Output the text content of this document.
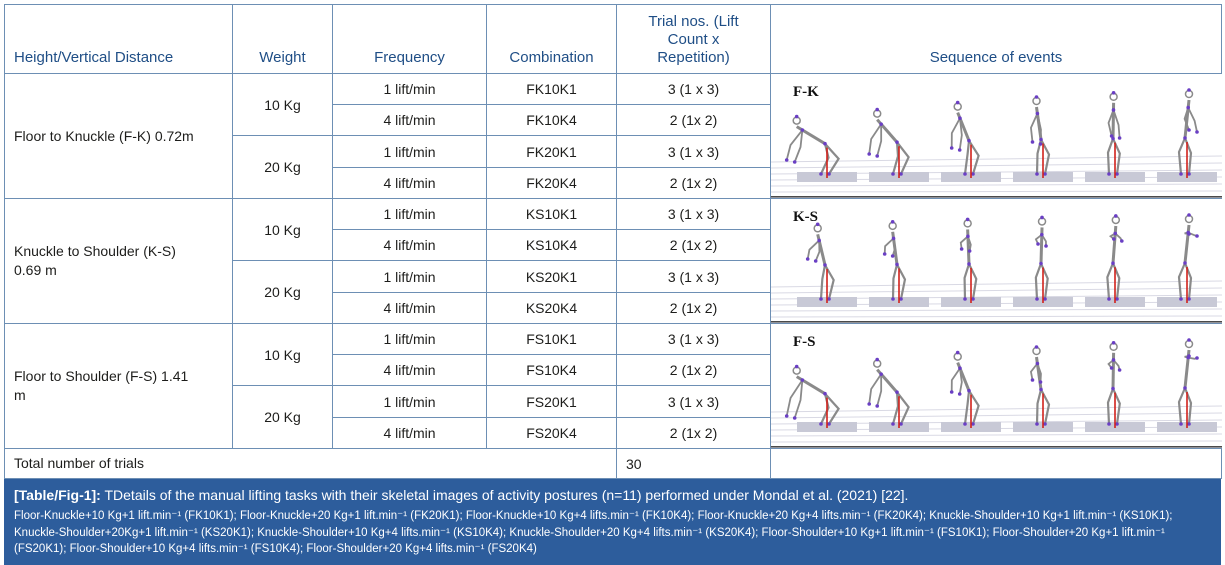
Height/Vertical Distance	Weight	Frequency	Combination	Trial nos. (Lift
Count x
Repetition)	Sequence of events

Floor to Knuckle (F-K) 0.72m	10 Kg	1 lift/min	FK10K1	3 (1 x 3)	F-K

		4 lift/min	FK10K4	2 (1x 2)	
	20 Kg	1 lift/min	FK20K1	3 (1 x 3)	
		4 lift/min	FK20K4	2 (1x 2)	

Knuckle to Shoulder (K-S)
0.69 m	10 Kg	1 lift/min	KS10K1	3 (1 x 3)	K-S

		4 lift/min	KS10K4	2 (1x 2)	
	20 Kg	1 lift/min	KS20K1	3 (1 x 3)	
		4 lift/min	KS20K4	2 (1x 2)	

Floor to Shoulder (F-S) 1.41
m	10 Kg	1 lift/min	FS10K1	3 (1 x 3)	F-S

		4 lift/min	FS10K4	2 (1x 2)	
	20 Kg	1 lift/min	FS20K1	3 (1 x 3)	
		4 lift/min	FS20K4	2 (1x 2)	
Total number of trials				30	
[Table/Fig-1]: TDetails of the manual lifting tasks with their skeletal images of activity postures (n=11) performed under Mondal et al. (2021) [22].
Floor-Knuckle+10 Kg+1 lift.min⁻¹ (FK10K1); Floor-Knuckle+20 Kg+1 lift.min⁻¹ (FK20K1); Floor-Knuckle+10 Kg+4 lifts.min⁻¹ (FK10K4); Floor-Knuckle+20 Kg+4 lifts.min⁻¹ (FK20K4); Knuckle-Shoulder+10 Kg+1 lift.min⁻¹ (KS10K1); Knuckle-Shoulder+20Kg+1 lift.min⁻¹ (KS20K1); Knuckle-Shoulder+10 Kg+4 lifts.min⁻¹ (KS10K4); Knuckle-Shoulder+20 Kg+4 lifts.min⁻¹ (KS20K4); Floor-Shoulder+10 Kg+1 lift.min⁻¹ (FS10K1); Floor-Shoulder+20 Kg+1 lift.min⁻¹ (FS20K1); Floor-Shoulder+10 Kg+4 lifts.min⁻¹ (FS10K4); Floor-Shoulder+20 Kg+4 lifts.min⁻¹ (FS20K4)
